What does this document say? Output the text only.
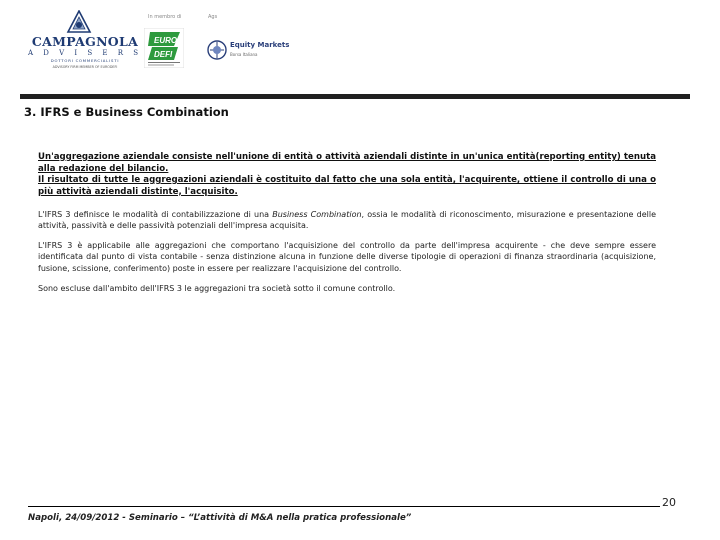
CAMPAGNOLA
A D V I S E R S
DOTTORI COMMERCIALISTI
ADVISORY FIRM MEMBER OF EURODEFI
In membro di	Ags
EURO
DEFI
Equity Markets
Borsa Italiana
3. IFRS e Business Combination
Un'aggregazione aziendale consiste nell'unione di entità o attività aziendali distinte in un'unica entità(reporting entity) tenuta alla redazione del bilancio.
Il risultato di tutte le aggregazioni aziendali è costituito dal fatto che una sola entità, l'acquirente, ottiene il controllo di una o più attività aziendali distinte, l'acquisito.
L'IFRS 3 definisce le modalità di contabilizzazione di una Business Combination, ossia le modalità di riconoscimento, misurazione e presentazione delle attività, passività e delle passività potenziali dell'impresa acquisita.
L'IFRS 3 è applicabile alle aggregazioni che comportano l'acquisizione del controllo da parte dell'impresa acquirente - che deve sempre essere identificata dal punto di vista contabile - senza distinzione alcuna in funzione delle diverse tipologie di operazioni di finanza straordinaria (acquisizione, fusione, scissione, conferimento) poste in essere per realizzare l'acquisizione del controllo.
Sono escluse dall'ambito dell'IFRS 3 le aggregazioni tra società sotto il comune controllo.
20
Napoli, 24/09/2012 - Seminario – “L’attività di M&A nella pratica professionale”
